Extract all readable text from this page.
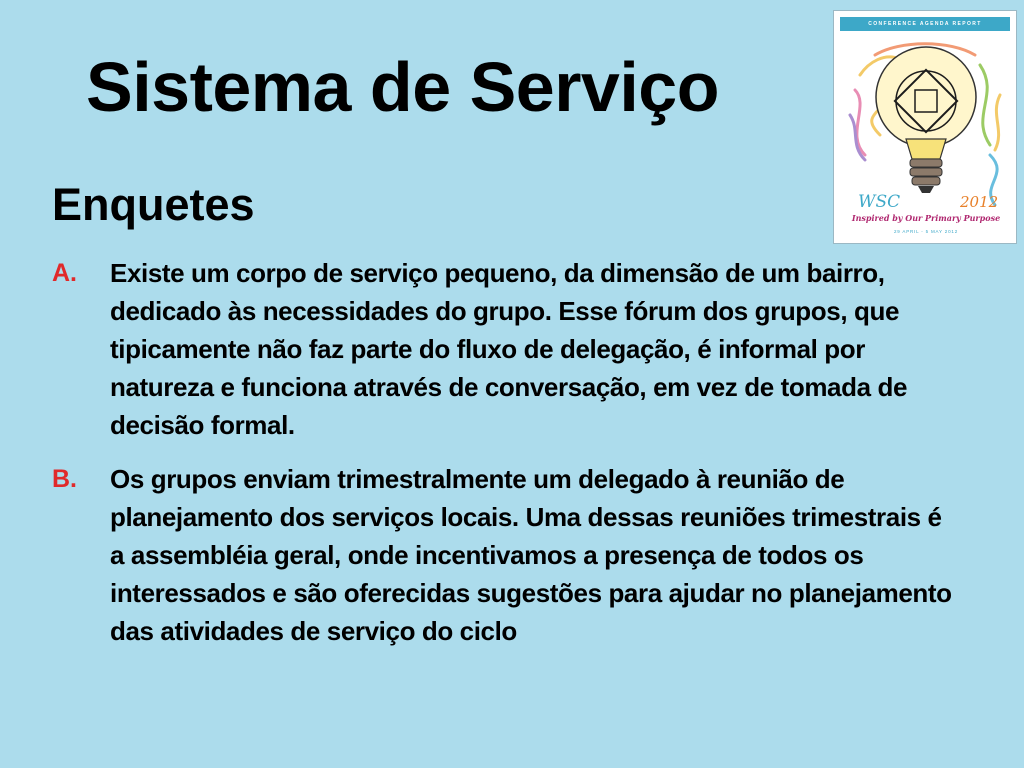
Sistema de Serviço
Enquetes
A.	Existe um corpo de serviço pequeno, da dimensão de um bairro, dedicado às necessidades do grupo. Esse fórum dos grupos, que tipicamente não faz parte do fluxo de delegação, é informal por natureza e funciona através de conversação, em vez de tomada de decisão formal.
B.	Os grupos enviam trimestralmente um delegado à reunião de planejamento dos serviços locais. Uma dessas reuniões trimestrais é a assembléia geral, onde incentivamos a presença de todos os interessados e são oferecidas sugestões para ajudar no planejamento das atividades de serviço do ciclo
CONFERENCE AGENDA REPORT
WSC	2012
Inspired by Our Primary Purpose
29 APRIL - 5 MAY 2012
